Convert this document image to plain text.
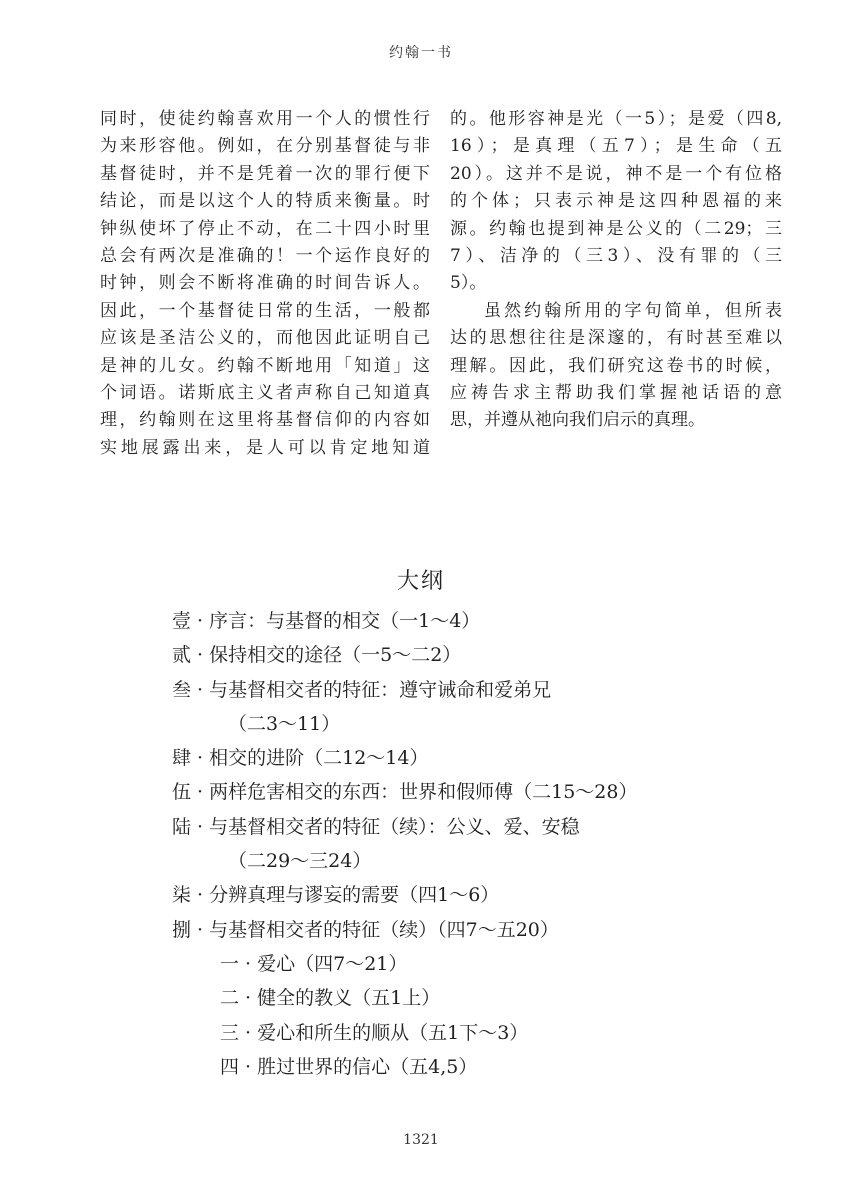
约翰一书
同时，使徒约翰喜欢用一个人的惯性行
为来形容他。例如，在分别基督徒与非
基督徒时，并不是凭着一次的罪行便下
结论，而是以这个人的特质来衡量。时
钟纵使坏了停止不动，在二十四小时里
总会有两次是准确的！一个运作良好的
时钟，则会不断将准确的时间告诉人。
因此，一个基督徒日常的生活，一般都
应该是圣洁公义的，而他因此证明自己
是神的儿女。约翰不断地用「知道」这
个词语。诺斯底主义者声称自己知道真
理，约翰则在这里将基督信仰的内容如
实地展露出来，是人可以肯定地知道
的。他形容神是光（一5）；是爱（四8,
16）；是真理（五7）；是生命（五
20）。这并不是说，神不是一个有位格
的个体；只表示神是这四种恩福的来
源。约翰也提到神是公义的（二29；三
7）、洁净的（三3）、没有罪的（三
5）。
虽然约翰所用的字句简单，但所表
达的思想往往是深邃的，有时甚至难以
理解。因此，我们研究这卷书的时候，
应祷告求主帮助我们掌握祂话语的意
思，并遵从祂向我们启示的真理。
大纲
壹 · 序言：与基督的相交（一1～4）
贰 · 保持相交的途径（一5～二2）
叁 · 与基督相交者的特征：遵守诫命和爱弟兄
（二3～11）
肆 · 相交的进阶（二12～14）
伍 · 两样危害相交的东西：世界和假师傅（二15～28）
陆 · 与基督相交者的特征（续）：公义、爱、安稳
（二29～三24）
柒 · 分辨真理与谬妄的需要（四1～6）
捌 · 与基督相交者的特征（续）（四7～五20）
一 · 爱心（四7～21）
二 · 健全的教义（五1上）
三 · 爱心和所生的顺从（五1下～3）
四 · 胜过世界的信心（五4,5）
1321
